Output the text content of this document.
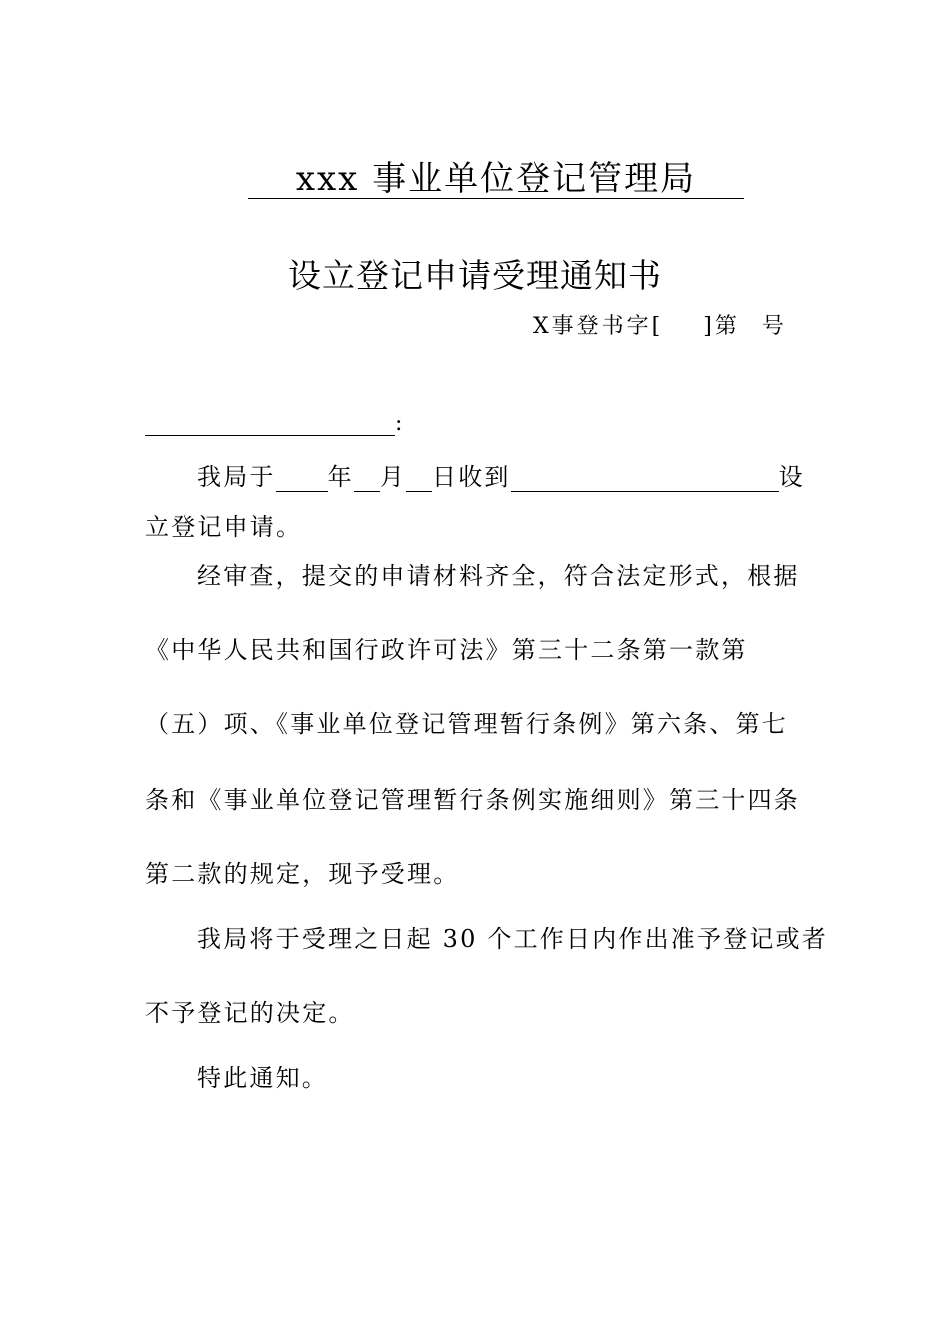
xxx 事业单位登记管理局
设立登记申请受理通知书
X事登书字[ ]第 号
:
我局于 年 月 日收到	设
立登记申请。
经审查，提交的申请材料齐全，符合法定形式，根据
《中华人民共和国行政许可法》第三十二条第一款第
（五）项、《事业单位登记管理暂行条例》第六条、第七
条和《事业单位登记管理暂行条例实施细则》第三十四条
第二款的规定，现予受理。
我局将于受理之日起 30 个工作日内作出准予登记或者
不予登记的决定。
特此通知。
